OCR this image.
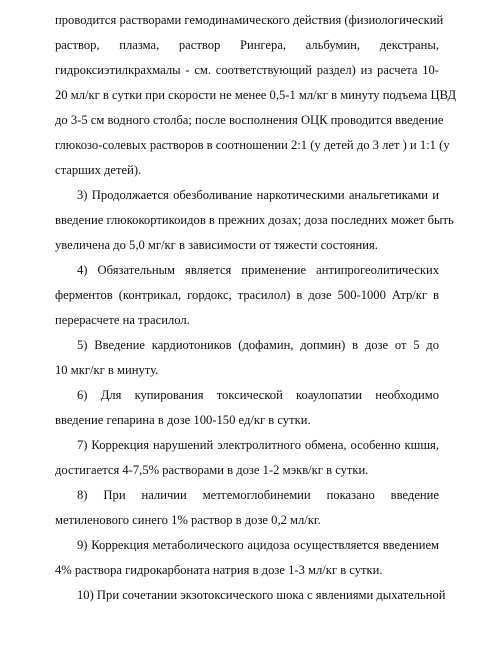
проводится растворами гемодинамического действия (физиологический
раствор, плазма, раствор Рингера, альбумин, декстраны,
гидроксиэтилкрахмалы - см. соответствующий раздел) из расчета 10-
20 мл/кг в сутки при скорости не менее 0,5-1 мл/кг в минуту подъема ЦВД
до 3-5 см водного столба; после восполнения ОЦК проводится введение
глюкозо-солевых растворов в соотношении 2:1 (у детей до 3 лет ) и 1:1 (у
старших детей).
3) Продолжается обезболивание наркотическими анальгетиками и
введение глюкокортикоидов в прежних дозах; доза последних может быть
увеличена до 5,0 мг/кг в зависимости от тяжести состояния.
4) Обязательным является применение антипрогеолитических
ферментов (контрикал, гордокс, трасилол) в дозе 500-1000 Атр/кг в
перерасчете на трасилол.
5) Введение кардиотоников (дофамин, допмин) в дозе от 5 до
10 мкг/кг в минуту.
6) Для купирования токсической коаулопатии необходимо
введение гепарина в дозе 100-150 ед/кг в сутки.
7) Коррекция нарушений электролитного обмена, особенно кшшя,
достигается 4-7,5% растворами в дозе 1-2 мэкв/кг в сутки.
8) При наличии метгемоглобинемии показано введение
метиленового синего 1% раствор в дозе 0,2 мл/кг.
9) Коррекция метаболического ацидоза осуществляется введением
4% раствора гидрокарбоната натрия в дозе 1-3 мл/кг в сутки.
10) При сочетании экзотоксического шока с явлениями дыхательной
